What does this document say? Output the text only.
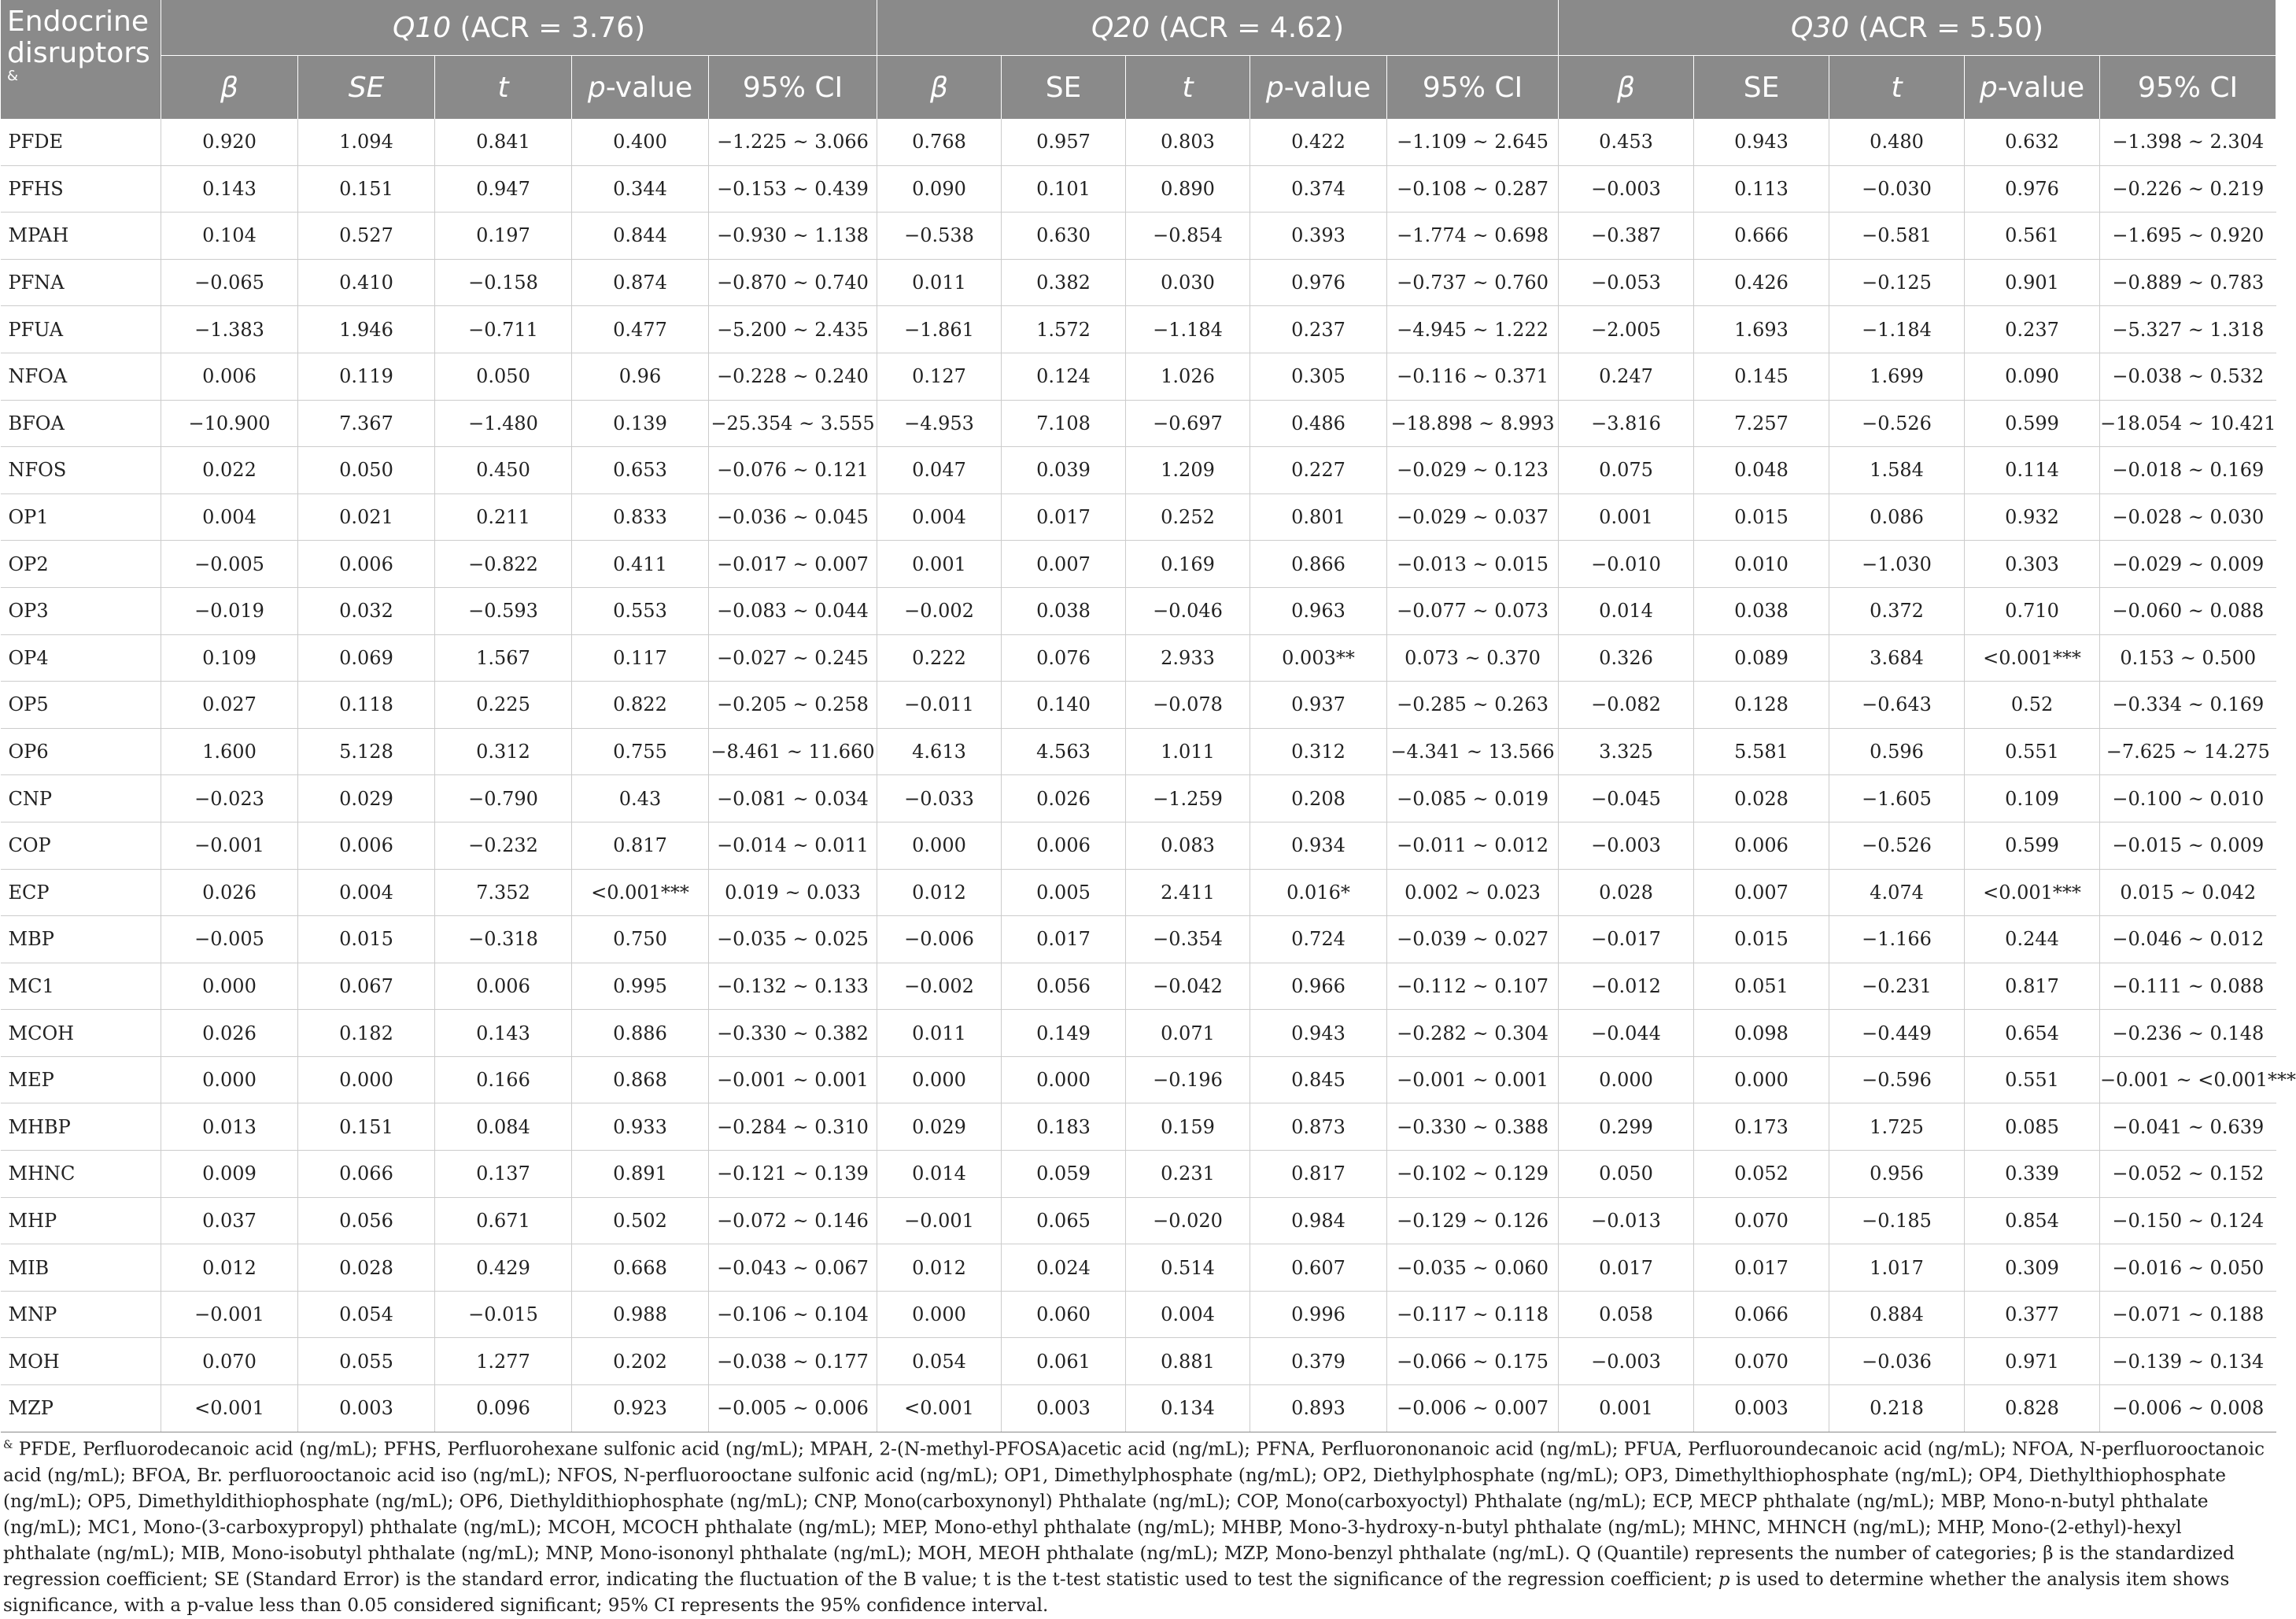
Endocrine disruptors
&	Q10 (ACR = 3.76)					Q20 (ACR = 4.62)					Q30 (ACR = 5.50)				
	β	SE	t	p-value	95% CI	β	SE	t	p-value	95% CI	β	SE	t	p-value	95% CI
PFDE	0.920	1.094	0.841	0.400	−1.225 ~ 3.066	0.768	0.957	0.803	0.422	−1.109 ~ 2.645	0.453	0.943	0.480	0.632	−1.398 ~ 2.304
PFHS	0.143	0.151	0.947	0.344	−0.153 ~ 0.439	0.090	0.101	0.890	0.374	−0.108 ~ 0.287	−0.003	0.113	−0.030	0.976	−0.226 ~ 0.219
MPAH	0.104	0.527	0.197	0.844	−0.930 ~ 1.138	−0.538	0.630	−0.854	0.393	−1.774 ~ 0.698	−0.387	0.666	−0.581	0.561	−1.695 ~ 0.920
PFNA	−0.065	0.410	−0.158	0.874	−0.870 ~ 0.740	0.011	0.382	0.030	0.976	−0.737 ~ 0.760	−0.053	0.426	−0.125	0.901	−0.889 ~ 0.783
PFUA	−1.383	1.946	−0.711	0.477	−5.200 ~ 2.435	−1.861	1.572	−1.184	0.237	−4.945 ~ 1.222	−2.005	1.693	−1.184	0.237	−5.327 ~ 1.318
NFOA	0.006	0.119	0.050	0.96	−0.228 ~ 0.240	0.127	0.124	1.026	0.305	−0.116 ~ 0.371	0.247	0.145	1.699	0.090	−0.038 ~ 0.532
BFOA	−10.900	7.367	−1.480	0.139	−25.354 ~ 3.555	−4.953	7.108	−0.697	0.486	−18.898 ~ 8.993	−3.816	7.257	−0.526	0.599	−18.054 ~ 10.421
NFOS	0.022	0.050	0.450	0.653	−0.076 ~ 0.121	0.047	0.039	1.209	0.227	−0.029 ~ 0.123	0.075	0.048	1.584	0.114	−0.018 ~ 0.169
OP1	0.004	0.021	0.211	0.833	−0.036 ~ 0.045	0.004	0.017	0.252	0.801	−0.029 ~ 0.037	0.001	0.015	0.086	0.932	−0.028 ~ 0.030
OP2	−0.005	0.006	−0.822	0.411	−0.017 ~ 0.007	0.001	0.007	0.169	0.866	−0.013 ~ 0.015	−0.010	0.010	−1.030	0.303	−0.029 ~ 0.009
OP3	−0.019	0.032	−0.593	0.553	−0.083 ~ 0.044	−0.002	0.038	−0.046	0.963	−0.077 ~ 0.073	0.014	0.038	0.372	0.710	−0.060 ~ 0.088
OP4	0.109	0.069	1.567	0.117	−0.027 ~ 0.245	0.222	0.076	2.933	0.003**	0.073 ~ 0.370	0.326	0.089	3.684	<0.001***	0.153 ~ 0.500
OP5	0.027	0.118	0.225	0.822	−0.205 ~ 0.258	−0.011	0.140	−0.078	0.937	−0.285 ~ 0.263	−0.082	0.128	−0.643	0.52	−0.334 ~ 0.169
OP6	1.600	5.128	0.312	0.755	−8.461 ~ 11.660	4.613	4.563	1.011	0.312	−4.341 ~ 13.566	3.325	5.581	0.596	0.551	−7.625 ~ 14.275
CNP	−0.023	0.029	−0.790	0.43	−0.081 ~ 0.034	−0.033	0.026	−1.259	0.208	−0.085 ~ 0.019	−0.045	0.028	−1.605	0.109	−0.100 ~ 0.010
COP	−0.001	0.006	−0.232	0.817	−0.014 ~ 0.011	0.000	0.006	0.083	0.934	−0.011 ~ 0.012	−0.003	0.006	−0.526	0.599	−0.015 ~ 0.009
ECP	0.026	0.004	7.352	<0.001***	0.019 ~ 0.033	0.012	0.005	2.411	0.016*	0.002 ~ 0.023	0.028	0.007	4.074	<0.001***	0.015 ~ 0.042
MBP	−0.005	0.015	−0.318	0.750	−0.035 ~ 0.025	−0.006	0.017	−0.354	0.724	−0.039 ~ 0.027	−0.017	0.015	−1.166	0.244	−0.046 ~ 0.012
MC1	0.000	0.067	0.006	0.995	−0.132 ~ 0.133	−0.002	0.056	−0.042	0.966	−0.112 ~ 0.107	−0.012	0.051	−0.231	0.817	−0.111 ~ 0.088
MCOH	0.026	0.182	0.143	0.886	−0.330 ~ 0.382	0.011	0.149	0.071	0.943	−0.282 ~ 0.304	−0.044	0.098	−0.449	0.654	−0.236 ~ 0.148
MEP	0.000	0.000	0.166	0.868	−0.001 ~ 0.001	0.000	0.000	−0.196	0.845	−0.001 ~ 0.001	0.000	0.000	−0.596	0.551	−0.001 ~ <0.001***
MHBP	0.013	0.151	0.084	0.933	−0.284 ~ 0.310	0.029	0.183	0.159	0.873	−0.330 ~ 0.388	0.299	0.173	1.725	0.085	−0.041 ~ 0.639
MHNC	0.009	0.066	0.137	0.891	−0.121 ~ 0.139	0.014	0.059	0.231	0.817	−0.102 ~ 0.129	0.050	0.052	0.956	0.339	−0.052 ~ 0.152
MHP	0.037	0.056	0.671	0.502	−0.072 ~ 0.146	−0.001	0.065	−0.020	0.984	−0.129 ~ 0.126	−0.013	0.070	−0.185	0.854	−0.150 ~ 0.124
MIB	0.012	0.028	0.429	0.668	−0.043 ~ 0.067	0.012	0.024	0.514	0.607	−0.035 ~ 0.060	0.017	0.017	1.017	0.309	−0.016 ~ 0.050
MNP	−0.001	0.054	−0.015	0.988	−0.106 ~ 0.104	0.000	0.060	0.004	0.996	−0.117 ~ 0.118	0.058	0.066	0.884	0.377	−0.071 ~ 0.188
MOH	0.070	0.055	1.277	0.202	−0.038 ~ 0.177	0.054	0.061	0.881	0.379	−0.066 ~ 0.175	−0.003	0.070	−0.036	0.971	−0.139 ~ 0.134
MZP	<0.001	0.003	0.096	0.923	−0.005 ~ 0.006	<0.001	0.003	0.134	0.893	−0.006 ~ 0.007	0.001	0.003	0.218	0.828	−0.006 ~ 0.008
& PFDE, Perfluorodecanoic acid (ng/mL); PFHS, Perfluorohexane sulfonic acid (ng/mL); MPAH, 2-(N-methyl-PFOSA)acetic acid (ng/mL); PFNA, Perfluorononanoic acid (ng/mL); PFUA, Perfluoroundecanoic acid (ng/mL); NFOA, N-perfluorooctanoic acid (ng/mL); BFOA, Br. perfluorooctanoic acid iso (ng/mL); NFOS, N-perfluorooctane sulfonic acid (ng/mL); OP1, Dimethylphosphate (ng/mL); OP2, Diethylphosphate (ng/mL); OP3, Dimethylthiophosphate (ng/mL); OP4, Diethylthiophosphate (ng/mL); OP5, Dimethyldithiophosphate (ng/mL); OP6, Diethyldithiophosphate (ng/mL); CNP, Mono(carboxynonyl) Phthalate (ng/mL); COP, Mono(carboxyoctyl) Phthalate (ng/mL); ECP, MECP phthalate (ng/mL); MBP, Mono-n-butyl phthalate (ng/mL); MC1, Mono-(3-carboxypropyl) phthalate (ng/mL); MCOH, MCOCH phthalate (ng/mL); MEP, Mono-ethyl phthalate (ng/mL); MHBP, Mono-3-hydroxy-n-butyl phthalate (ng/mL); MHNC, MHNCH (ng/mL); MHP, Mono-(2-ethyl)-hexyl phthalate (ng/mL); MIB, Mono-isobutyl phthalate (ng/mL); MNP, Mono-isononyl phthalate (ng/mL); MOH, MEOH phthalate (ng/mL); MZP, Mono-benzyl phthalate (ng/mL). Q (Quantile) represents the number of categories; β is the standardized regression coefficient; SE (Standard Error) is the standard error, indicating the fluctuation of the B value; t is the t-test statistic used to test the significance of the regression coefficient; p is used to determine whether the analysis item shows significance, with a p-value less than 0.05 considered significant; 95% CI represents the 95% confidence interval.
